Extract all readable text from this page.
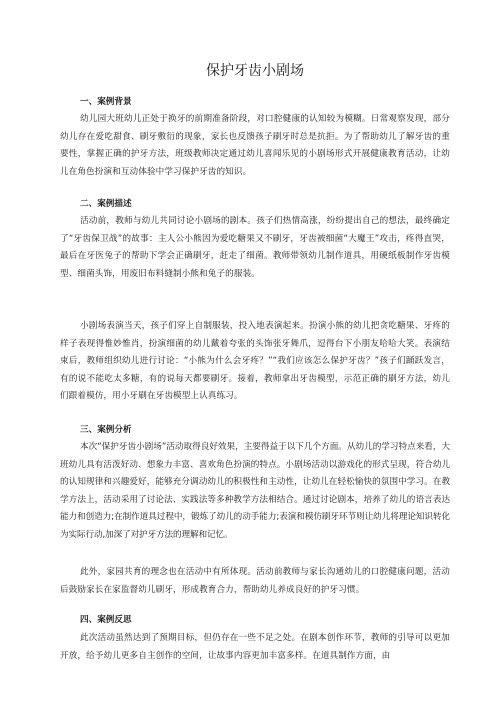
保护牙齿小剧场
一、案例背景

幼儿园大班幼儿正处于换牙的前期准备阶段，对口腔健康的认知较为模糊。日常观察发现，部分幼儿存在爱吃甜食、刷牙敷衍的现象，家长也反馈孩子刷牙时总是抗拒。为了帮助幼儿了解牙齿的重要性，掌握正确的护牙方法，班级教师决定通过幼儿喜闻乐见的小剧场形式开展健康教育活动，让幼儿在角色扮演和互动体验中学习保护牙齿的知识。

二、案例描述

活动前，教师与幼儿共同讨论小剧场的剧本。孩子们热情高涨，纷纷提出自己的想法，最终确定了“牙齿保卫战”的故事：主人公小熊因为爱吃糖果又不刷牙，牙齿被细菌“大魔王”攻击，疼得直哭，最后在牙医兔子的帮助下学会正确刷牙，赶走了细菌。教师带领幼儿制作道具，用硬纸板制作牙齿模型、细菌头饰，用废旧布料缝制小熊和兔子的服装。

小剧场表演当天，孩子们穿上自制服装，投入地表演起来。扮演小熊的幼儿把贪吃糖果、牙疼的样子表现得惟妙惟肖，扮演细菌的幼儿戴着夸张的头饰张牙舞爪，逗得台下小朋友哈哈大笑。表演结束后，教师组织幼儿进行讨论：“小熊为什么会牙疼？”“我们应该怎么保护牙齿？”孩子们踊跃发言，有的说不能吃太多糖，有的说每天都要刷牙。接着，教师拿出牙齿模型，示范正确的刷牙方法，幼儿们跟着模仿，用小牙刷在牙齿模型上认真练习。

三、案例分析

本次“保护牙齿小剧场”活动取得良好效果，主要得益于以下几个方面。从幼儿的学习特点来看，大班幼儿具有活泼好动、想象力丰富、喜欢角色扮演的特点。小剧场活动以游戏化的形式呈现，符合幼儿的认知规律和兴趣爱好，能够充分调动幼儿的积极性和主动性，让幼儿在轻松愉快的氛围中学习。在教学方法上，活动采用了讨论法、实践法等多种教学方法相结合。通过讨论剧本，培养了幼儿的语言表达能力和创造力;在制作道具过程中，锻炼了幼儿的动手能力;表演和模仿刷牙环节则让幼儿将理论知识转化为实际行动,加深了对护牙方法的理解和记忆。

此外，家园共育的理念也在活动中有所体现。活动前教师与家长沟通幼儿的口腔健康问题，活动后鼓励家长在家监督幼儿刷牙，形成教育合力，帮助幼儿养成良好的护牙习惯。

四、案例反思

此次活动虽然达到了预期目标，但仍存在一些不足之处。在剧本创作环节，教师的引导可以更加开放，给予幼儿更多自主创作的空间，让故事内容更加丰富多样。在道具制作方面，由
